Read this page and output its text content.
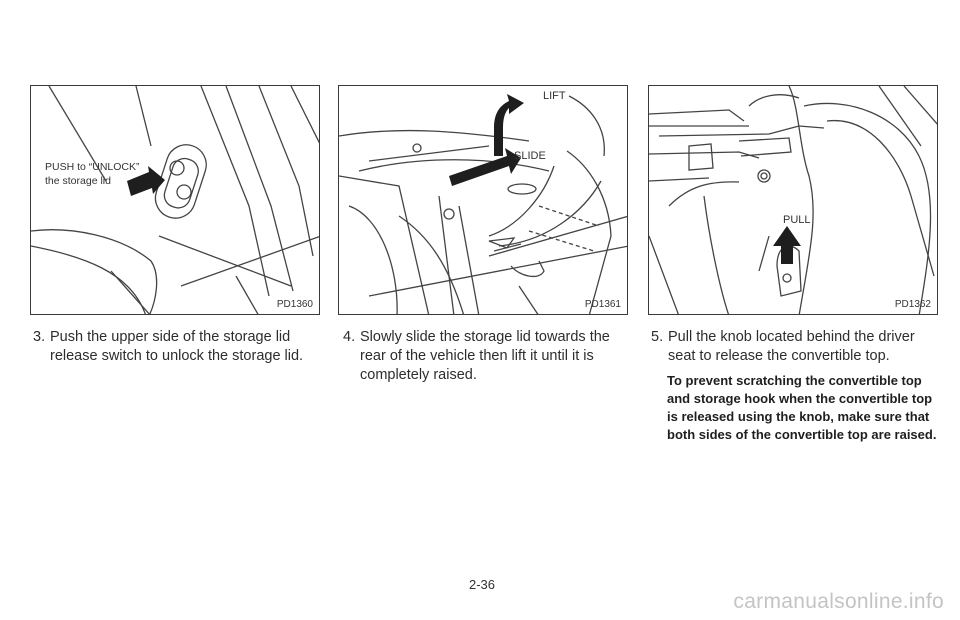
PUSH to “UNLOCK” the storage lid
PD1360
LIFT
SLIDE
PD1361
PULL
PD1362
3. Push the upper side of the storage lid release switch to unlock the storage lid.
4. Slowly slide the storage lid towards the rear of the vehicle then lift it until it is completely raised.
5. Pull the knob located behind the driver seat to release the convertible top.
To prevent scratching the convertible top and storage hook when the convertible top is released using the knob, make sure that both sides of the convertible top are raised.
2-36
carmanualsonline.info
